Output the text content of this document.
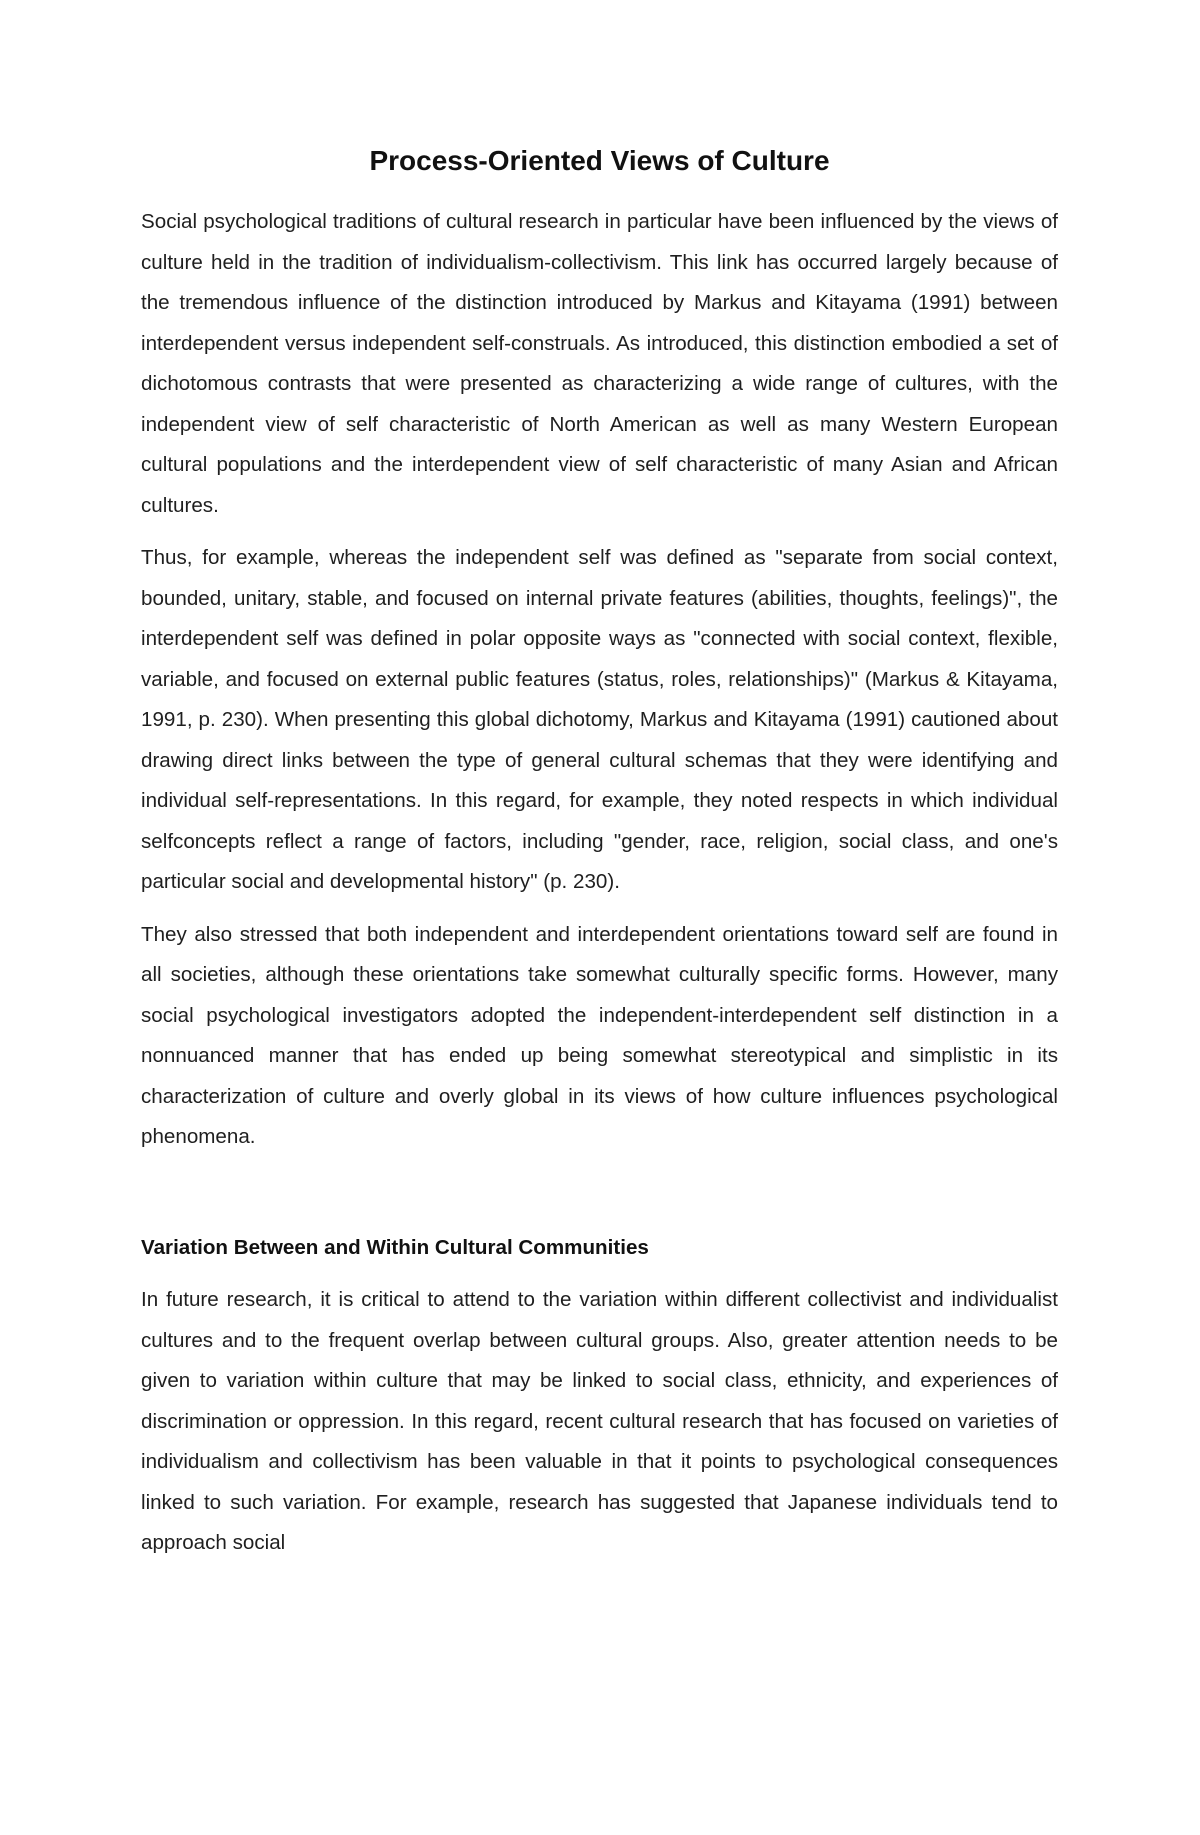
Process-Oriented Views of Culture

Social psychological traditions of cultural research in particular have been influenced by the views of culture held in the tradition of individualism-collectivism. This link has occurred largely because of the tremendous influence of the distinction introduced by Markus and Kitayama (1991) between interdependent versus independent self-construals. As introduced, this distinction embodied a set of dichotomous contrasts that were presented as characterizing a wide range of cultures, with the independent view of self characteristic of North American as well as many Western European cultural populations and the interdependent view of self characteristic of many Asian and African cultures.

Thus, for example, whereas the independent self was defined as "separate from social context, bounded, unitary, stable, and focused on internal private features (abilities, thoughts, feelings)", the interdependent self was defined in polar opposite ways as "connected with social context, flexible, variable, and focused on external public features (status, roles, relationships)" (Markus & Kitayama, 1991, p. 230). When presenting this global dichotomy, Markus and Kitayama (1991) cautioned about drawing direct links between the type of general cultural schemas that they were identifying and individual self-representations. In this regard, for example, they noted respects in which individual selfconcepts reflect a range of factors, including "gender, race, religion, social class, and one's particular social and developmental history" (p. 230).

They also stressed that both independent and interdependent orientations toward self are found in all societies, although these orientations take somewhat culturally specific forms. However, many social psychological investigators adopted the independent-interdependent self distinction in a nonnuanced manner that has ended up being somewhat stereotypical and simplistic in its characterization of culture and overly global in its views of how culture influences psychological phenomena.

Variation Between and Within Cultural Communities

In future research, it is critical to attend to the variation within different collectivist and individualist cultures and to the frequent overlap between cultural groups. Also, greater attention needs to be given to variation within culture that may be linked to social class, ethnicity, and experiences of discrimination or oppression. In this regard, recent cultural research that has focused on varieties of individualism and collectivism has been valuable in that it points to psychological consequences linked to such variation. For example, research has suggested that Japanese individuals tend to approach social
